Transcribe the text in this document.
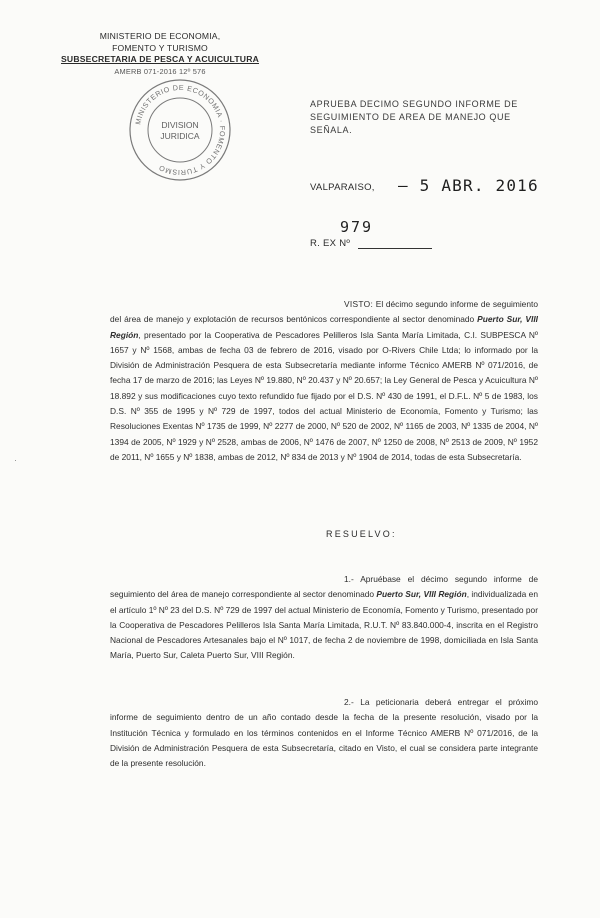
MINISTERIO DE ECONOMIA,
FOMENTO Y TURISMO
SUBSECRETARIA DE PESCA Y ACUICULTURA
AMERB 071-2016 12º 576
MINISTERIO DE ECONOMIA · FOMENTO Y TURISMO
DIVISION
JURIDICA
APRUEBA DECIMO SEGUNDO INFORME DE SEGUIMIENTO DE AREA DE MANEJO QUE SEÑALA.
VALPARAISO, – 5 ABR. 2016
979
R. EX Nº
VISTO: El décimo segundo informe de seguimiento del área de manejo y explotación de recursos bentónicos correspondiente al sector denominado Puerto Sur, VIII Región, presentado por la Cooperativa de Pescadores Pelilleros Isla Santa María Limitada, C.I. SUBPESCA Nº 1657 y Nº 1568, ambas de fecha 03 de febrero de 2016, visado por O-Rivers Chile Ltda; lo informado por la División de Administración Pesquera de esta Subsecretaría mediante informe Técnico AMERB Nº 071/2016, de fecha 17 de marzo de 2016; las Leyes Nº 19.880, Nº 20.437 y Nº 20.657; la Ley General de Pesca y Acuicultura Nº 18.892 y sus modificaciones cuyo texto refundido fue fijado por el D.S. Nº 430 de 1991, el D.F.L. Nº 5 de 1983, los D.S. Nº 355 de 1995 y Nº 729 de 1997, todos del actual Ministerio de Economía, Fomento y Turismo; las Resoluciones Exentas Nº 1735 de 1999, Nº 2277 de 2000, Nº 520 de 2002, Nº 1165 de 2003, Nº 1335 de 2004, Nº 1394 de 2005, Nº 1929 y Nº 2528, ambas de 2006, Nº 1476 de 2007, Nº 1250 de 2008, Nº 2513 de 2009, Nº 1952 de 2011, Nº 1655 y Nº 1838, ambas de 2012, Nº 834 de 2013 y Nº 1904 de 2014, todas de esta Subsecretaría.
RESUELVO:
1.- Apruébase el décimo segundo informe de seguimiento del área de manejo correspondiente al sector denominado Puerto Sur, VIII Región, individualizada en el artículo 1º Nº 23 del D.S. Nº 729 de 1997 del actual Ministerio de Economía, Fomento y Turismo, presentado por la Cooperativa de Pescadores Pelilleros Isla Santa María Limitada, R.U.T. Nº 83.840.000-4, inscrita en el Registro Nacional de Pescadores Artesanales bajo el Nº 1017, de fecha 2 de noviembre de 1998, domiciliada en Isla Santa María, Puerto Sur, Caleta Puerto Sur, VIII Región.
2.- La peticionaria deberá entregar el próximo informe de seguimiento dentro de un año contado desde la fecha de la presente resolución, visado por la Institución Técnica y formulado en los términos contenidos en el Informe Técnico AMERB Nº 071/2016, de la División de Administración Pesquera de esta Subsecretaría, citado en Visto, el cual se considera parte integrante de la presente resolución.
·
